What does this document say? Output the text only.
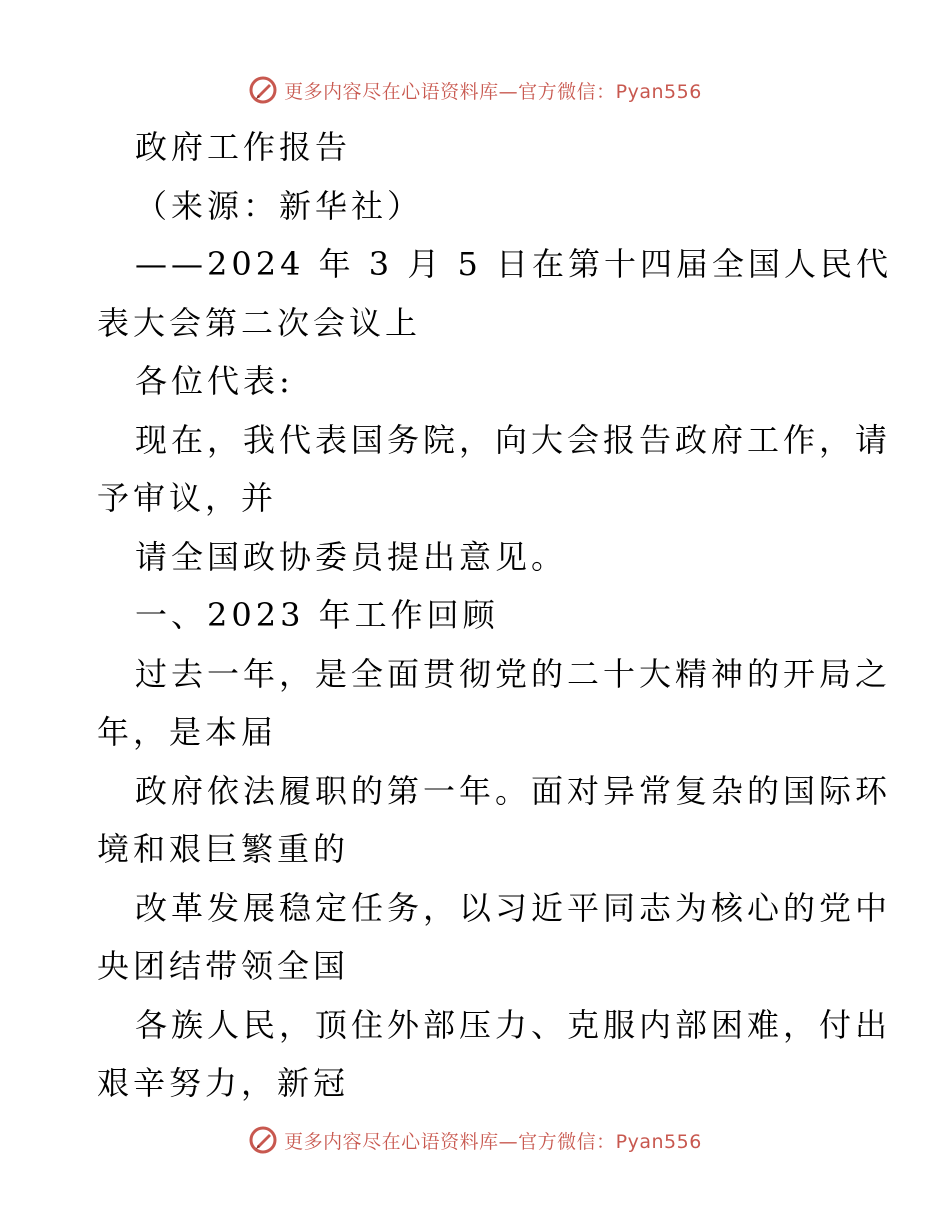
更多内容尽在心语资料库—官方微信：Pyan556
政府工作报告
（来源：新华社）
——2024 年 3 月 5 日在第十四届全国人民代
表大会第二次会议上
各位代表:
现在，我代表国务院，向大会报告政府工作，请
予审议，并
请全国政协委员提出意见。
一、2023 年工作回顾
过去一年，是全面贯彻党的二十大精神的开局之
年，是本届
政府依法履职的第一年。面对异常复杂的国际环
境和艰巨繁重的
改革发展稳定任务，以习近平同志为核心的党中
央团结带领全国
各族人民，顶住外部压力、克服内部困难，付出
艰辛努力，新冠
更多内容尽在心语资料库—官方微信：Pyan556
